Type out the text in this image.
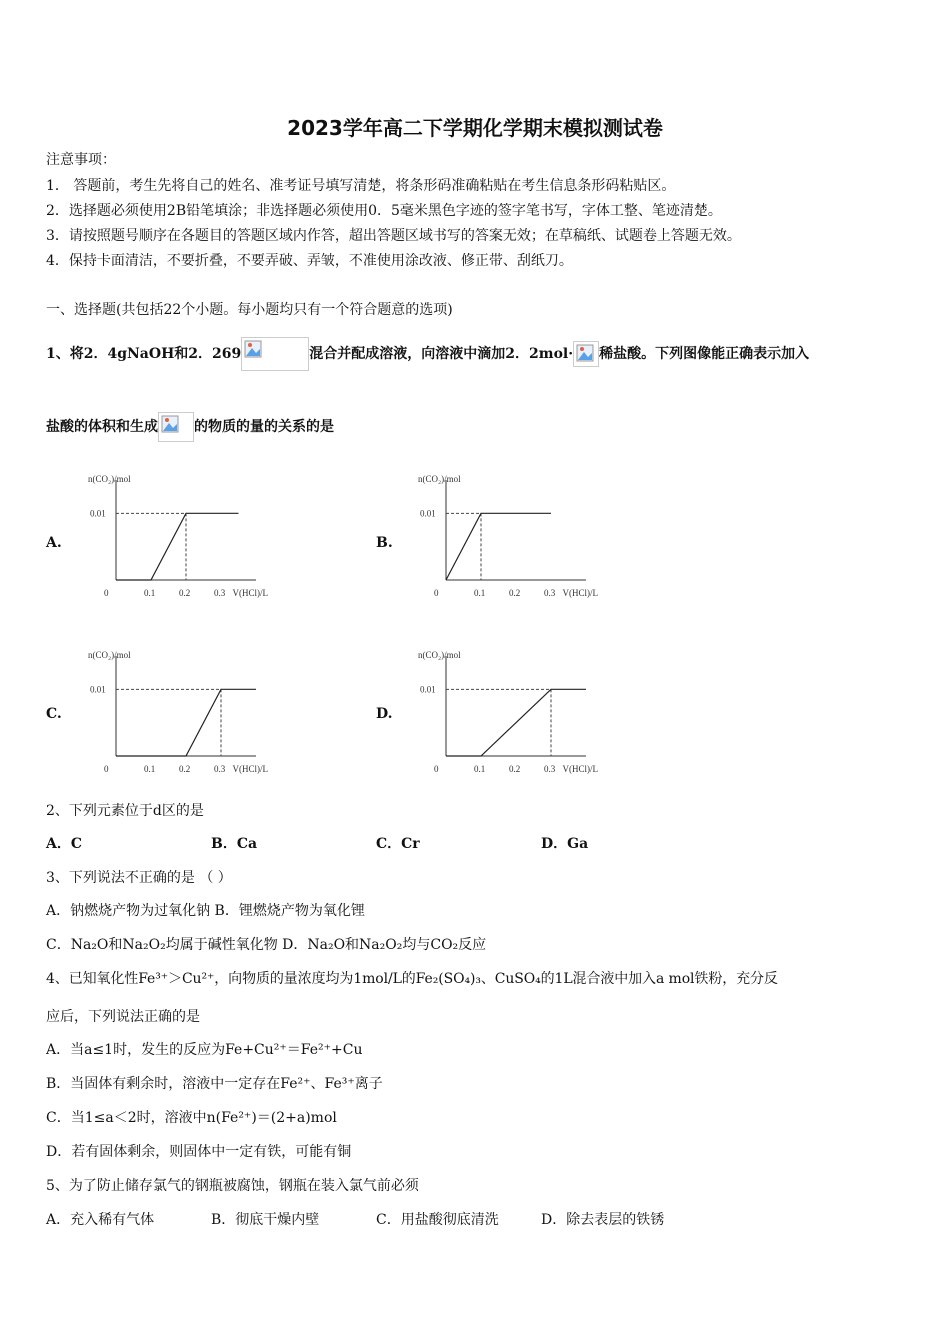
2023学年高二下学期化学期末模拟测试卷
注意事项：
1． 答题前，考生先将自己的姓名、准考证号填写清楚，将条形码准确粘贴在考生信息条形码粘贴区。
2．选择题必须使用2B铅笔填涂；非选择题必须使用0．5毫米黑色字迹的签字笔书写，字体工整、笔迹清楚。
3．请按照题号顺序在各题目的答题区域内作答，超出答题区域书写的答案无效；在草稿纸、试题卷上答题无效。
4．保持卡面清洁，不要折叠，不要弄破、弄皱，不准使用涂改液、修正带、刮纸刀。
一、选择题(共包括22个小题。每小题均只有一个符合题意的选项)
1、将2．4gNaOH和2．269	混合并配成溶液，向溶液中滴加2．2mol· 稀盐酸。下列图像能正确表示加入
盐酸的体积和生成	的物质的量的关系的是
A.	B.
C.	D.
n(CO₂)/mol
0.01
0	0.1	0.2	0.3 V(HCl)/L
n(CO₂)/mol
0.01
0	0.1	0.2	0.3 V(HCl)/L
n(CO₂)/mol
0.01
0	0.1	0.2	0.3 V(HCl)/L
n(CO₂)/mol
0.01
0	0.1	0.2	0.3 V(HCl)/L
2、下列元素位于d区的是
A．C	B．Ca	C．Cr	D．Ga
3、下列说法不正确的是 （ ）
A．钠燃烧产物为过氧化钠 B．锂燃烧产物为氧化锂
C．Na₂O和Na₂O₂均属于碱性氧化物 D．Na₂O和Na₂O₂均与CO₂反应
4、已知氧化性Fe³⁺＞Cu²⁺，向物质的量浓度均为1mol/L的Fe₂(SO₄)₃、CuSO₄的1L混合液中加入a mol铁粉，充分反
应后，下列说法正确的是
A．当a≤1时，发生的反应为Fe+Cu²⁺＝Fe²⁺+Cu
B．当固体有剩余时，溶液中一定存在Fe²⁺、Fe³⁺离子
C．当1≤a＜2时，溶液中n(Fe²⁺)＝(2+a)mol
D．若有固体剩余，则固体中一定有铁，可能有铜
5、为了防止储存氯气的钢瓶被腐蚀，钢瓶在装入氯气前必须
A．充入稀有气体	B．彻底干燥内壁	C．用盐酸彻底清洗	D．除去表层的铁锈
